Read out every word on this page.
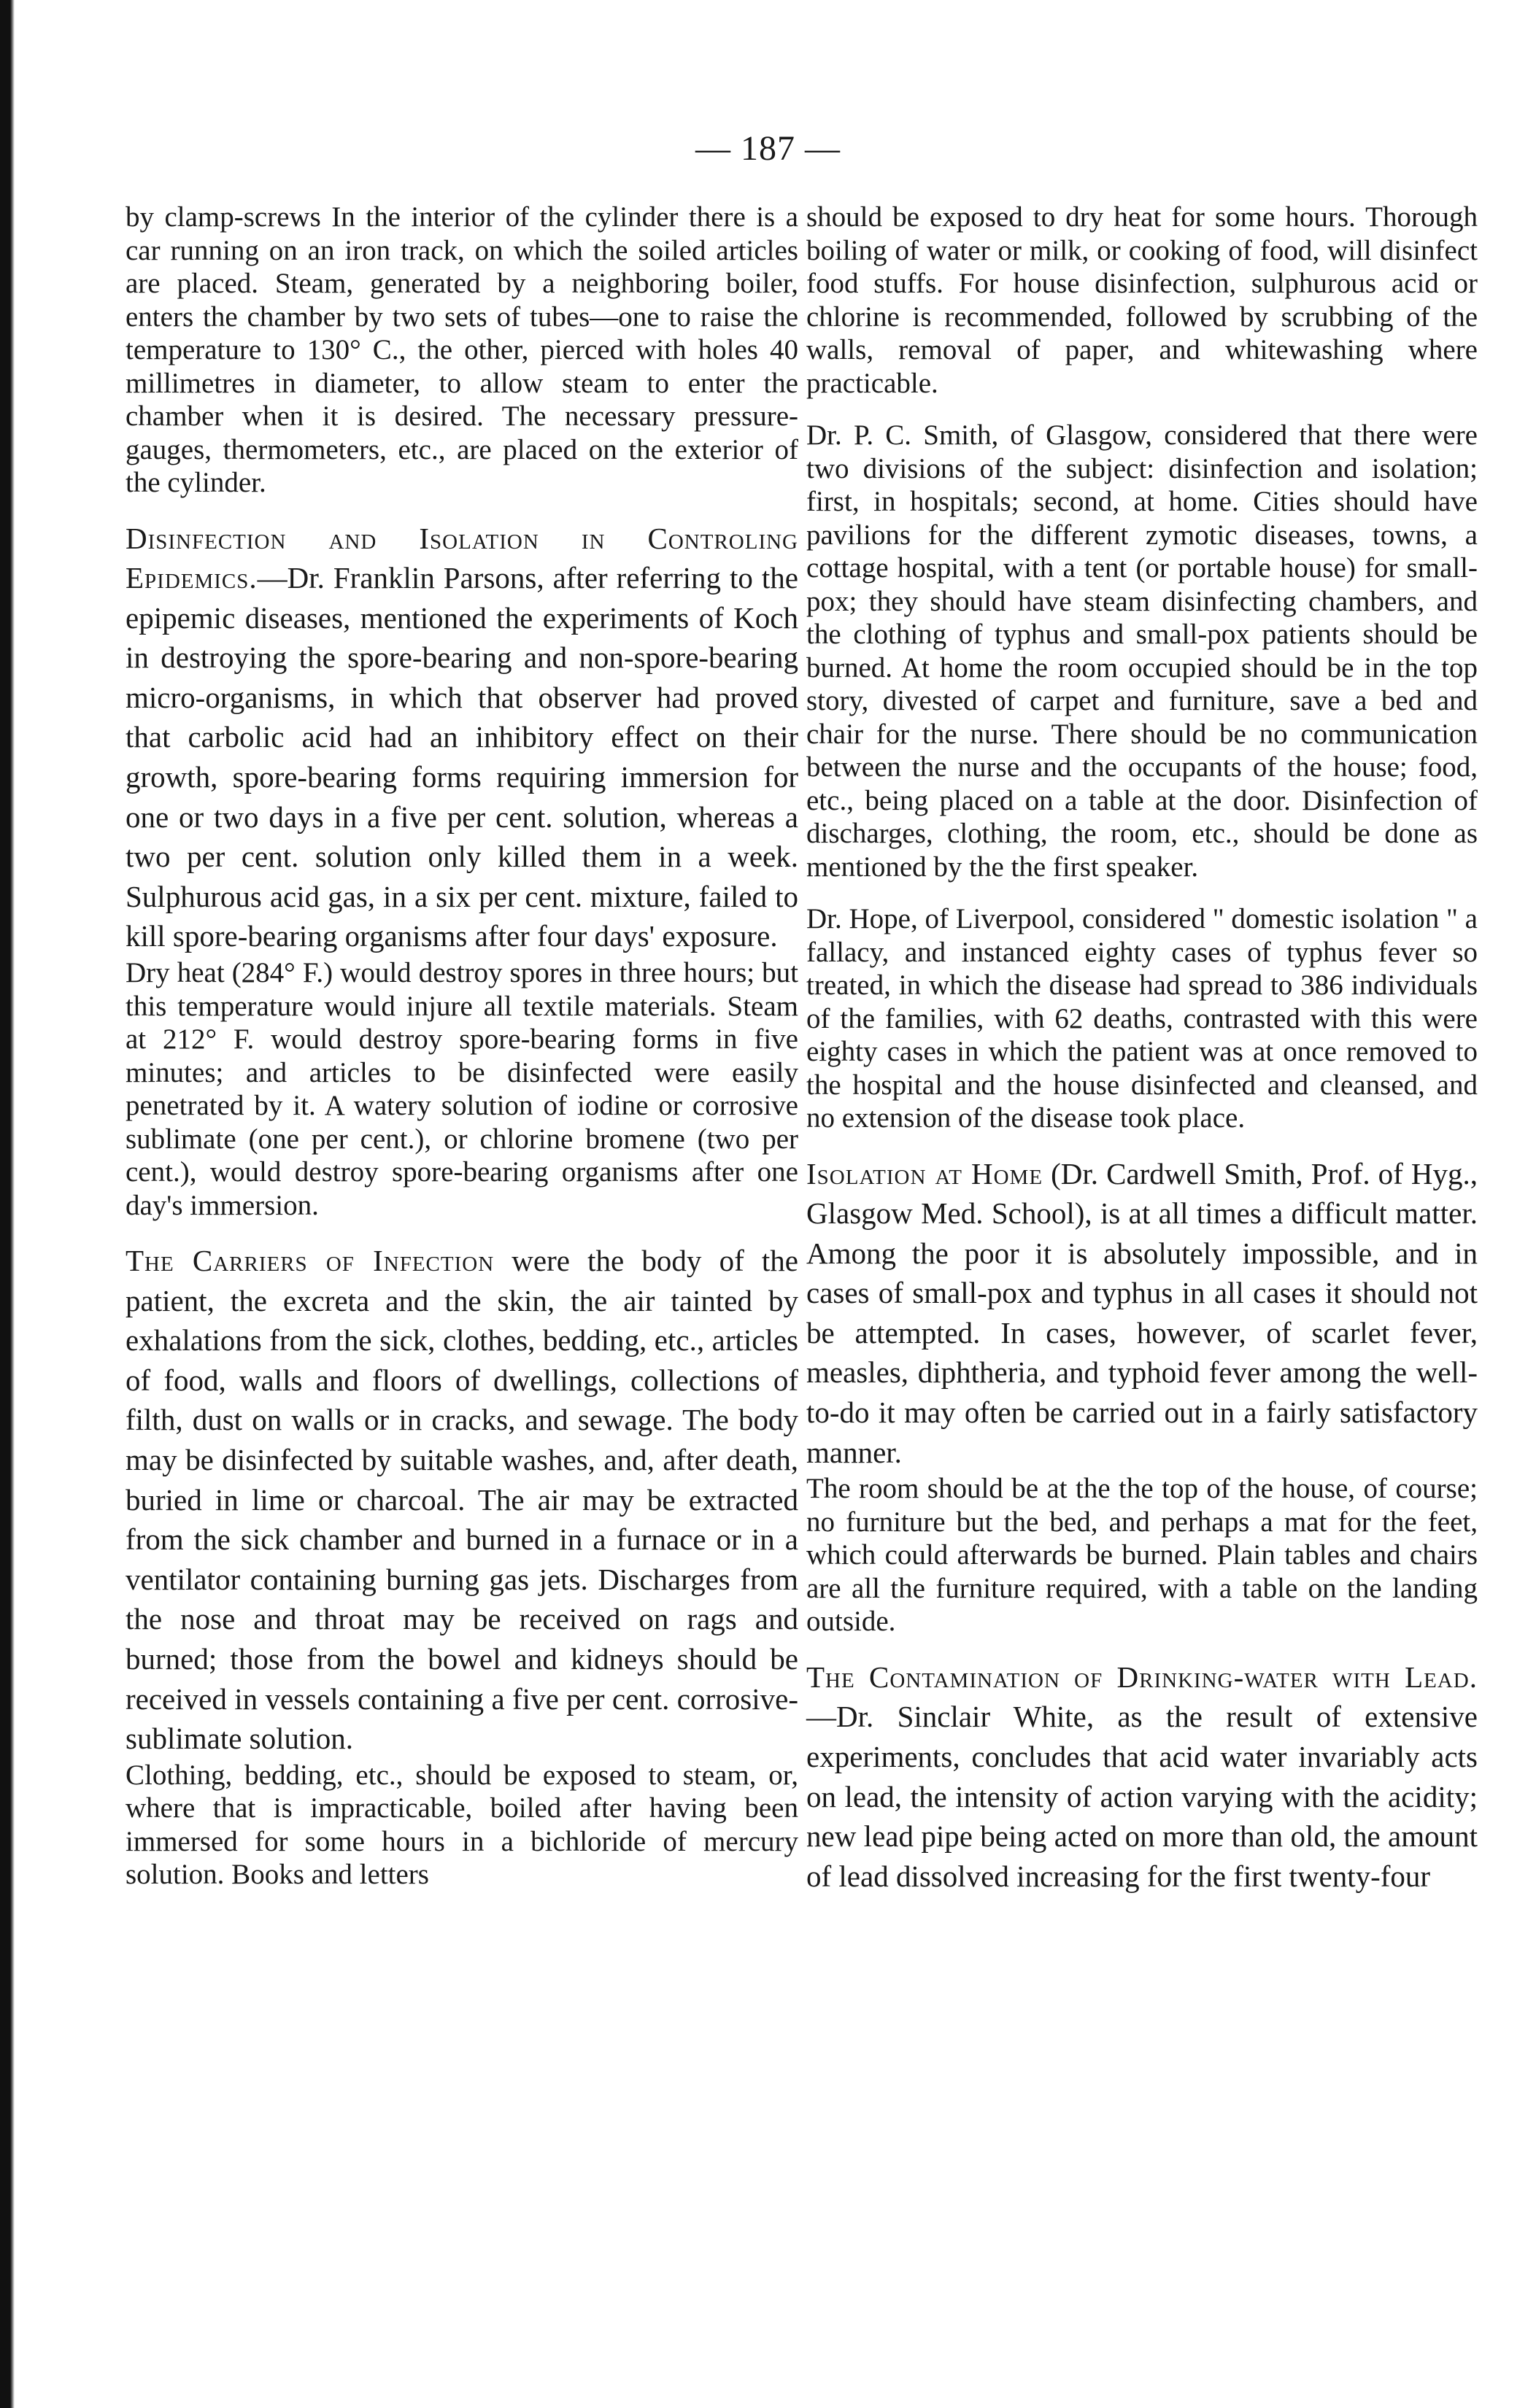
— 187 —

by clamp-screws In the interior of the cylinder there is a car running on an iron track, on which the soiled articles are placed. Steam, generated by a neighboring boiler, enters the chamber by two sets of tubes—one to raise the temperature to 130° C., the other, pierced with holes 40 millimetres in diameter, to allow steam to enter the chamber when it is desired. The necessary pressure-gauges, thermometers, etc., are placed on the exterior of the cylinder.

Disinfection and Isolation in Controling Epidemics.—Dr. Franklin Parsons, after referring to the epipemic diseases, mentioned the experiments of Koch in destroying the spore-bearing and non-spore-bearing micro-organisms, in which that observer had proved that carbolic acid had an inhibitory effect on their growth, spore-bearing forms requiring immersion for one or two days in a five per cent. solution, whereas a two per cent. solution only killed them in a week. Sulphurous acid gas, in a six per cent. mixture, failed to kill spore-bearing organisms after four days' exposure.

Dry heat (284° F.) would destroy spores in three hours; but this temperature would injure all textile materials. Steam at 212° F. would destroy spore-bearing forms in five minutes; and articles to be disinfected were easily penetrated by it. A watery solution of iodine or corrosive sublimate (one per cent.), or chlorine bromene (two per cent.), would destroy spore-bearing organisms after one day's immersion.

The Carriers of Infection were the body of the patient, the excreta and the skin, the air tainted by exhalations from the sick, clothes, bedding, etc., articles of food, walls and floors of dwellings, collections of filth, dust on walls or in cracks, and sewage. The body may be disinfected by suitable washes, and, after death, buried in lime or charcoal. The air may be extracted from the sick chamber and burned in a furnace or in a ventilator containing burning gas jets. Discharges from the nose and throat may be received on rags and burned; those from the bowel and kidneys should be received in vessels containing a five per cent. corrosive-sublimate solution.

Clothing, bedding, etc., should be exposed to steam, or, where that is impracticable, boiled after having been immersed for some hours in a bichloride of mercury solution. Books and letters

should be exposed to dry heat for some hours. Thorough boiling of water or milk, or cooking of food, will disinfect food stuffs. For house disinfection, sulphurous acid or chlorine is recommended, followed by scrubbing of the walls, removal of paper, and whitewashing where practicable.

Dr. P. C. Smith, of Glasgow, considered that there were two divisions of the subject: disinfection and isolation; first, in hospitals; second, at home. Cities should have pavilions for the different zymotic diseases, towns, a cottage hospital, with a tent (or portable house) for small-pox; they should have steam disinfecting chambers, and the clothing of typhus and small-pox patients should be burned. At home the room occupied should be in the top story, divested of carpet and furniture, save a bed and chair for the nurse. There should be no communication between the nurse and the occupants of the house; food, etc., being placed on a table at the door. Disinfection of discharges, clothing, the room, etc., should be done as mentioned by the the first speaker.

Dr. Hope, of Liverpool, considered " domestic isolation " a fallacy, and instanced eighty cases of typhus fever so treated, in which the disease had spread to 386 individuals of the families, with 62 deaths, contrasted with this were eighty cases in which the patient was at once removed to the hospital and the house disinfected and cleansed, and no extension of the disease took place.

Isolation at Home (Dr. Cardwell Smith, Prof. of Hyg., Glasgow Med. School), is at all times a difficult matter. Among the poor it is absolutely impossible, and in cases of small-pox and typhus in all cases it should not be attempted. In cases, however, of scarlet fever, measles, diphtheria, and typhoid fever among the well-to-do it may often be carried out in a fairly satisfactory manner.

The room should be at the the top of the house, of course; no furniture but the bed, and perhaps a mat for the feet, which could afterwards be burned. Plain tables and chairs are all the furniture required, with a table on the landing outside.

The Contamination of Drinking-water with Lead.—Dr. Sinclair White, as the result of extensive experiments, concludes that acid water invariably acts on lead, the intensity of action varying with the acidity; new lead pipe being acted on more than old, the amount of lead dissolved increasing for the first twenty-four
